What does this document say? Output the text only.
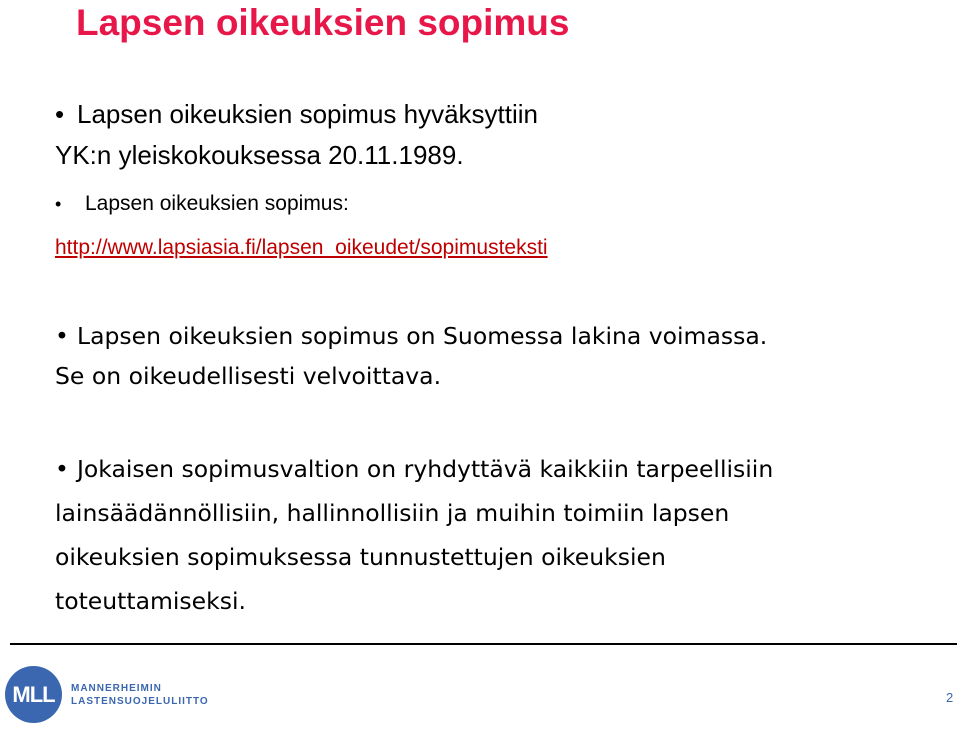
Lapsen oikeuksien sopimus

• Lapsen oikeuksien sopimus hyväksyttiin
YK:n yleiskokouksessa 20.11.1989.

• Lapsen oikeuksien sopimus:

http://www.lapsiasia.fi/lapsen_oikeudet/sopimusteksti

• Lapsen oikeuksien sopimus on Suomessa lakina voimassa.
Se on oikeudellisesti velvoittava.

• Jokaisen sopimusvaltion on ryhdyttävä kaikkiin tarpeellisiin
lainsäädännöllisiin, hallinnollisiin ja muihin toimiin lapsen
oikeuksien sopimuksessa tunnustettujen oikeuksien
toteuttamiseksi.

MLL	MANNERHEIMIN
LASTENSUOJELULIITTO	2
